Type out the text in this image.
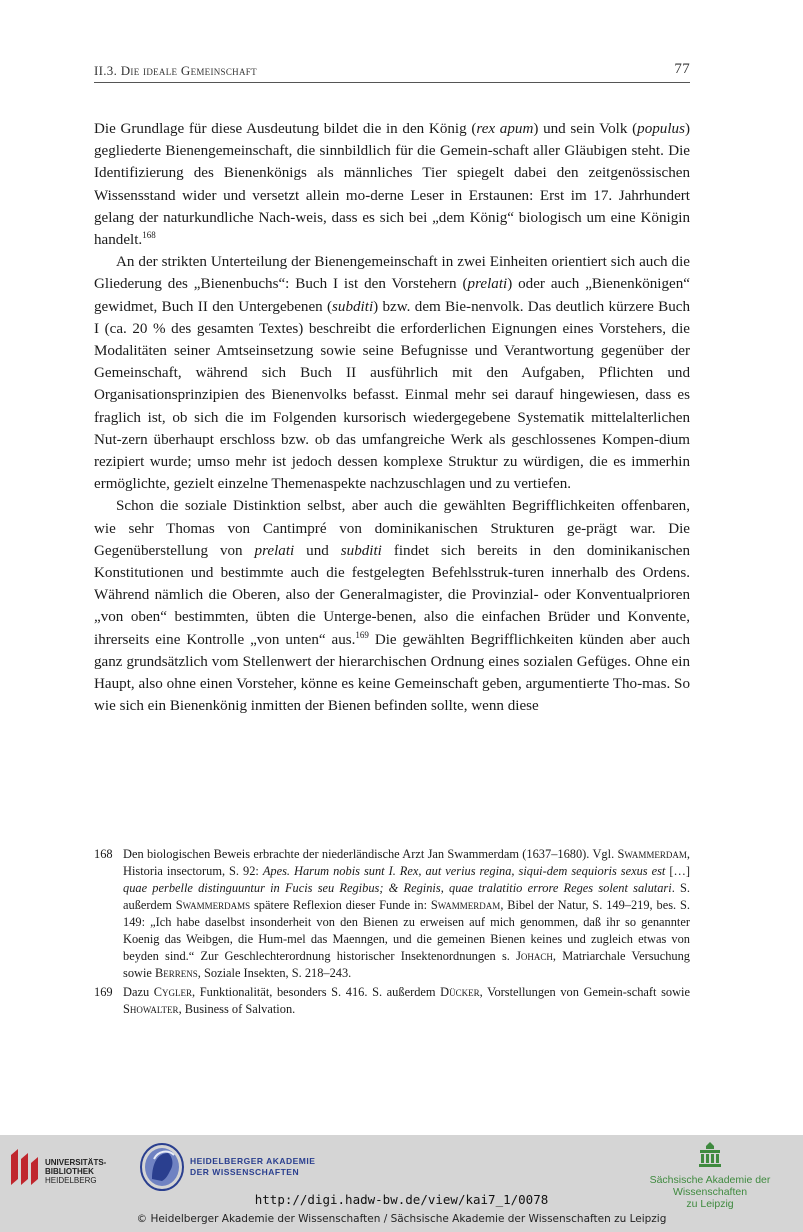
II.3. Die ideale Gemeinschaft	77

Die Grundlage für diese Ausdeutung bildet die in den König (rex apum) und sein Volk (populus) gegliederte Bienengemeinschaft, die sinnbildlich für die Gemein-schaft aller Gläubigen steht. Die Identifizierung des Bienenkönigs als männliches Tier spiegelt dabei den zeitgenössischen Wissensstand wider und versetzt allein mo-derne Leser in Erstaunen: Erst im 17. Jahrhundert gelang der naturkundliche Nach-weis, dass es sich bei „dem König“ biologisch um eine Königin handelt.$^{168}$

An der strikten Unterteilung der Bienengemeinschaft in zwei Einheiten orientiert sich auch die Gliederung des „Bienenbuchs“: Buch I ist den Vorstehern (prelati) oder auch „Bienenkönigen“ gewidmet, Buch II den Untergebenen (subditi) bzw. dem Bie-nenvolk. Das deutlich kürzere Buch I (ca. 20 % des gesamten Textes) beschreibt die erforderlichen Eignungen eines Vorstehers, die Modalitäten seiner Amtseinsetzung sowie seine Befugnisse und Verantwortung gegenüber der Gemeinschaft, während sich Buch II ausführlich mit den Aufgaben, Pflichten und Organisationsprinzipien des Bienenvolks befasst. Einmal mehr sei darauf hingewiesen, dass es fraglich ist, ob sich die im Folgenden kursorisch wiedergegebene Systematik mittelalterlichen Nut-zern überhaupt erschloss bzw. ob das umfangreiche Werk als geschlossenes Kompen-dium rezipiert wurde; umso mehr ist jedoch dessen komplexe Struktur zu würdigen, die es immerhin ermöglichte, gezielt einzelne Themenaspekte nachzuschlagen und zu vertiefen.

Schon die soziale Distinktion selbst, aber auch die gewählten Begrifflichkeiten offenbaren, wie sehr Thomas von Cantimpré von dominikanischen Strukturen ge-prägt war. Die Gegenüberstellung von prelati und subditi findet sich bereits in den dominikanischen Konstitutionen und bestimmte auch die festgelegten Befehlsstruk-turen innerhalb des Ordens. Während nämlich die Oberen, also der Generalmagister, die Provinzial- oder Konventualprioren „von oben“ bestimmten, übten die Unterge-benen, also die einfachen Brüder und Konvente, ihrerseits eine Kontrolle „von unten“ aus.$^{169}$ Die gewählten Begrifflichkeiten künden aber auch ganz grundsätzlich vom Stellenwert der hierarchischen Ordnung eines sozialen Gefüges. Ohne ein Haupt, also ohne einen Vorsteher, könne es keine Gemeinschaft geben, argumentierte Tho-mas. So wie sich ein Bienenkönig inmitten der Bienen befinden sollte, wenn diese

168 Den biologischen Beweis erbrachte der niederländische Arzt Jan Swammerdam (1637–1680). Vgl. Swammerdam, Historia insectorum, S. 92: Apes. Harum nobis sunt I. Rex, aut verius regina, siqui-dem sequioris sexus est […] quae perbelle distinguuntur in Fucis seu Regibus; & Reginis, quae tralatitio errore Reges solent salutari. S. außerdem Swammerdams spätere Reflexion dieser Funde in: Swammerdam, Bibel der Natur, S. 149–219, bes. S. 149: „Ich habe daselbst insonderheit von den Bienen zu erweisen auf mich genommen, daß ihr so genannter Koenig das Weibgen, die Hum-mel das Maenngen, und die gemeinen Bienen keines und zugleich etwas von beyden sind.“ Zur Geschlechterordnung historischer Insektenordnungen s. Johach, Matriarchale Versuchung sowie Berrens, Soziale Insekten, S. 218–243.
169 Dazu Cygler, Funktionalität, besonders S. 416. S. außerdem Dücker, Vorstellungen von Gemein-schaft sowie Showalter, Business of Salvation.
UNIVERSITÄTS-
BIBLIOTHEK
HEIDELBERG
HEIDELBERGER AKADEMIE
DER WISSENSCHAFTEN
Sächsische Akademie der Wissenschaften
zu Leipzig
http://digi.hadw-bw.de/view/kai7_1/0078
© Heidelberger Akademie der Wissenschaften / Sächsische Akademie der Wissenschaften zu Leipzig
